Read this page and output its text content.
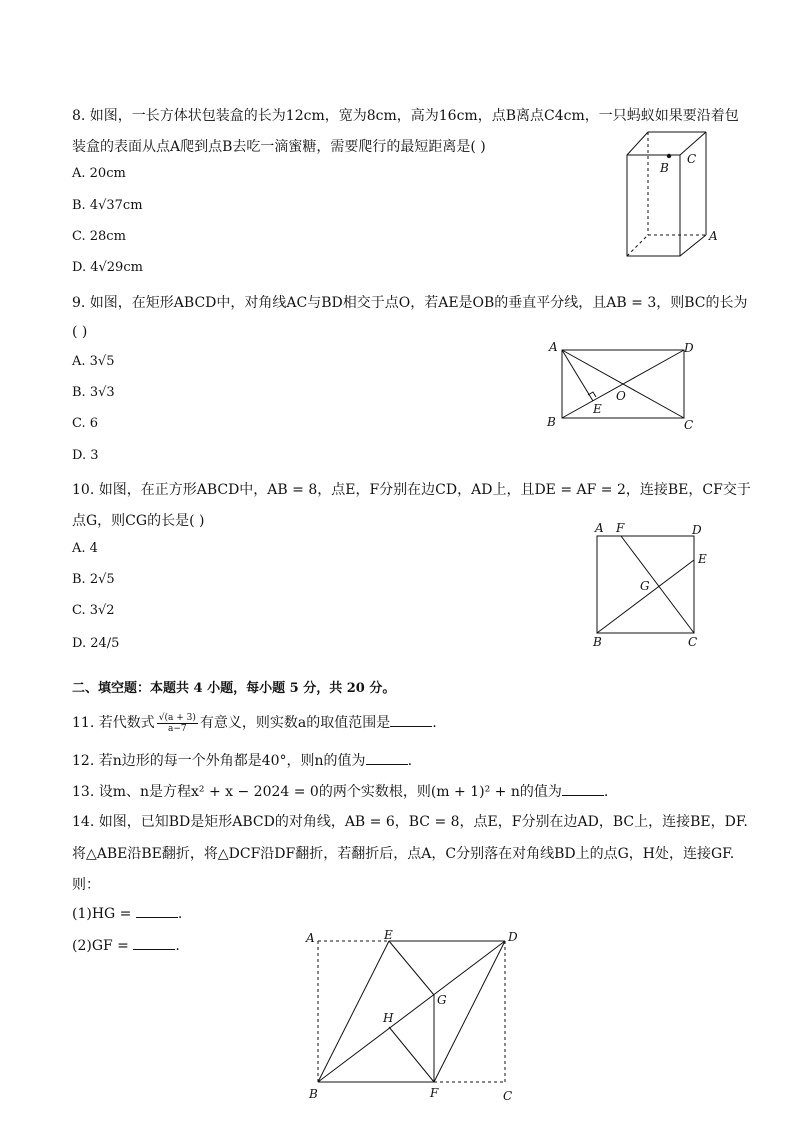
8. 如图，一长方体状包装盒的长为12cm，宽为8cm，高为16cm，点B离点C4cm，一只蚂蚁如果要沿着包
装盒的表面从点A爬到点B去吃一滴蜜糖，需要爬行的最短距离是( )
A. 20cm
B. 4√37cm
C. 28cm
D. 4√29cm
B
C
A
9. 如图，在矩形ABCD中，对角线AC与BD相交于点O，若AE是OB的垂直平分线，且AB = 3，则BC的长为
( )
A. 3√5
B. 3√3
C. 6
D. 3
A	D
B	C
E
O
10. 如图，在正方形ABCD中，AB = 8，点E，F分别在边CD，AD上，且DE = AF = 2，连接BE，CF交于
点G，则CG的长是( )
A. 4
B. 2√5
C. 3√2
D. 24/5
A F	D
E
G
B	C
二、填空题：本题共 4 小题，每小题 5 分，共 20 分。
11. 若代数式 $\frac{√(a + 3)}{a-7}$ 有意义，则实数a的取值范围是	.
12. 若n边形的每一个外角都是40°，则n的值为	.
13. 设m、n是方程x² + x − 2024 = 0的两个实数根，则(m + 1)² + n的值为	.
14. 如图，已知BD是矩形ABCD的对角线，AB = 6，BC = 8，点E，F分别在边AD，BC上，连接BE，DF.
将△ABE沿BE翻折，将△DCF沿DF翻折，若翻折后，点A，C分别落在对角线BD上的点G，H处，连接GF.
则：
(1)HG =	.
(2)GF =	.	A	E	D
G
H
B	F	C
